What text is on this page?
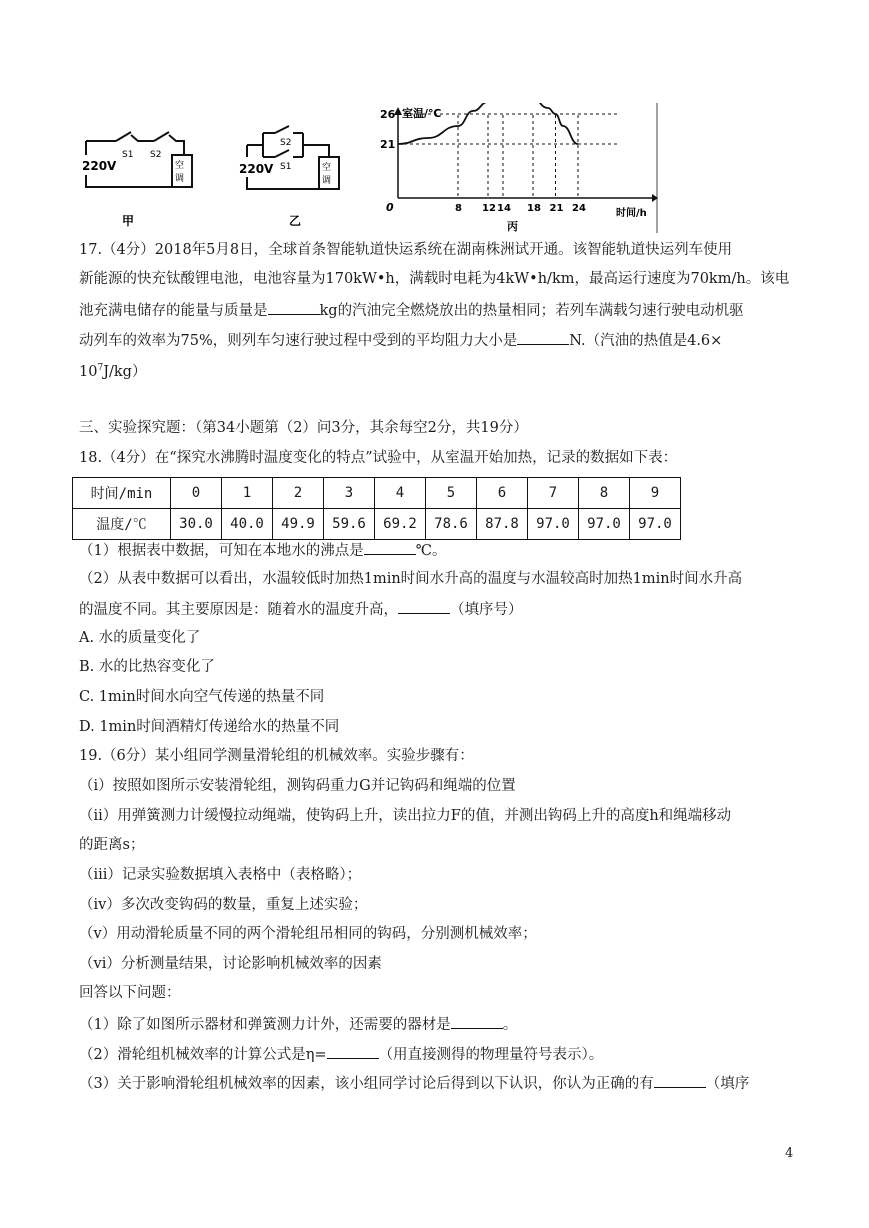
S1 S2
空
调
220V
甲
S2
S1	空
调
220V
乙
室温/℃
时间/h
0
26
21
8 12 14 18 21 24
丙
17.（4分）2018年5月8日，全球首条智能轨道快运系统在湖南株洲试开通。该智能轨道快运列车使用
新能源的快充钛酸锂电池，电池容量为170kW•h，满载时电耗为4kW•h/km，最高运行速度为70km/h。该电
池充满电储存的能量与质量是	kg的汽油完全燃烧放出的热量相同；若列车满载匀速行驶电动机驱
动列车的效率为75%，则列车匀速行驶过程中受到的平均阻力大小是	N.（汽油的热值是4.6×
$10^7J/kg$）
三、实验探究题：（第34小题第（2）问3分，其余每空2分，共19分）
18.（4分）在“探究水沸腾时温度变化的特点”试验中，从室温开始加热，记录的数据如下表：
时间/min	0	1	2	3	4	5	6	7	8	9
温度/℃	30.0	40.0	49.9	59.6	69.2	78.6	87.8	97.0	97.0	97.0
（1）根据表中数据，可知在本地水的沸点是	℃。
（2）从表中数据可以看出，水温较低时加热1min时间水升高的温度与水温较高时加热1min时间水升高
的温度不同。其主要原因是：随着水的温度升高，	（填序号）
A. 水的质量变化了
B. 水的比热容变化了
C. 1min时间水向空气传递的热量不同
D. 1min时间酒精灯传递给水的热量不同
19.（6分）某小组同学测量滑轮组的机械效率。实验步骤有：
（i）按照如图所示安装滑轮组，测钩码重力G并记钩码和绳端的位置
（ii）用弹簧测力计缓慢拉动绳端，使钩码上升，读出拉力F的值，并测出钩码上升的高度h和绳端移动
的距离s；
（iii）记录实验数据填入表格中（表格略）；
（iv）多次改变钩码的数量，重复上述实验；
（v）用动滑轮质量不同的两个滑轮组吊相同的钩码，分别测机械效率；
（vi）分析测量结果，讨论影响机械效率的因素
回答以下问题：
（1）除了如图所示器材和弹簧测力计外，还需要的器材是	。
（2）滑轮组机械效率的计算公式是η=	（用直接测得的物理量符号表示）。
（3）关于影响滑轮组机械效率的因素，该小组同学讨论后得到以下认识，你认为正确的有	（填序
4
